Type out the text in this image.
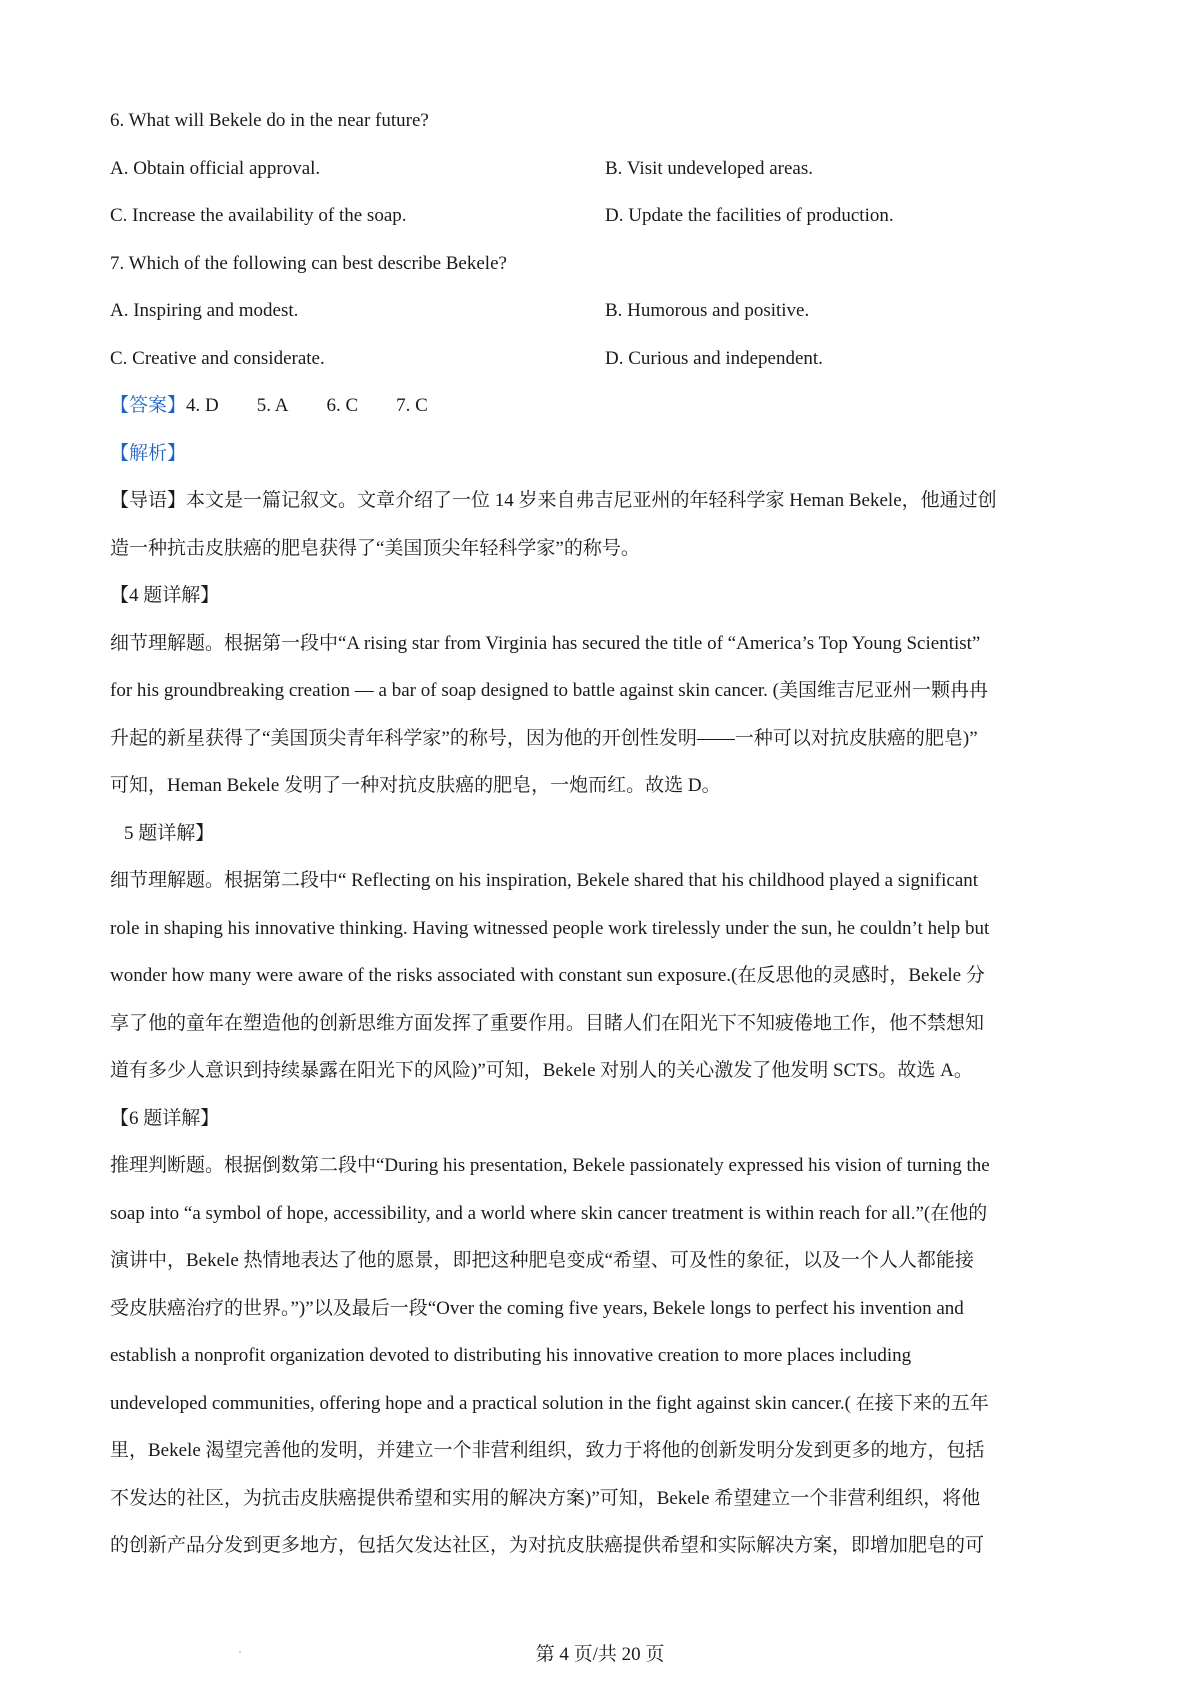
6. What will Bekele do in the near future?
A. Obtain official approval.	B. Visit undeveloped areas.
C. Increase the availability of the soap.	D. Update the facilities of production.
7. Which of the following can best describe Bekele?
A. Inspiring and modest.	B. Humorous and positive.
C. Creative and considerate.	D. Curious and independent.
【答案】4. D 5. A 6. C 7. C
【解析】
【导语】本文是一篇记叙文。文章介绍了一位 14 岁来自弗吉尼亚州的年轻科学家 Heman Bekele，他通过创
造一种抗击皮肤癌的肥皂获得了“美国顶尖年轻科学家”的称号。
【4 题详解】
细节理解题。根据第一段中“A rising star from Virginia has secured the title of “America’s Top Young Scientist”
for his groundbreaking creation — a bar of soap designed to battle against skin cancer. (美国维吉尼亚州一颗冉冉
升起的新星获得了“美国顶尖青年科学家”的称号，因为他的开创性发明——一种可以对抗皮肤癌的肥皂)”
可知，Heman Bekele 发明了一种对抗皮肤癌的肥皂，一炮而红。故选 D。
5 题详解】
细节理解题。根据第二段中“ Reflecting on his inspiration, Bekele shared that his childhood played a significant
role in shaping his innovative thinking. Having witnessed people work tirelessly under the sun, he couldn’t help but
wonder how many were aware of the risks associated with constant sun exposure.(在反思他的灵感时，Bekele 分
享了他的童年在塑造他的创新思维方面发挥了重要作用。目睹人们在阳光下不知疲倦地工作，他不禁想知
道有多少人意识到持续暴露在阳光下的风险)”可知，Bekele 对别人的关心激发了他发明 SCTS。故选 A。
【6 题详解】
推理判断题。根据倒数第二段中“During his presentation, Bekele passionately expressed his vision of turning the
soap into “a symbol of hope, accessibility, and a world where skin cancer treatment is within reach for all.”(在他的
演讲中，Bekele 热情地表达了他的愿景，即把这种肥皂变成“希望、可及性的象征，以及一个人人都能接
受皮肤癌治疗的世界。”)”以及最后一段“Over the coming five years, Bekele longs to perfect his invention and
establish a nonprofit organization devoted to distributing his innovative creation to more places including
undeveloped communities, offering hope and a practical solution in the fight against skin cancer.( 在接下来的五年
里，Bekele 渴望完善他的发明，并建立一个非营利组织，致力于将他的创新发明分发到更多的地方，包括
不发达的社区，为抗击皮肤癌提供希望和实用的解决方案)”可知，Bekele 希望建立一个非营利组织，将他
的创新产品分发到更多地方，包括欠发达社区，为对抗皮肤癌提供希望和实际解决方案，即增加肥皂的可
第 4 页/共 20 页
